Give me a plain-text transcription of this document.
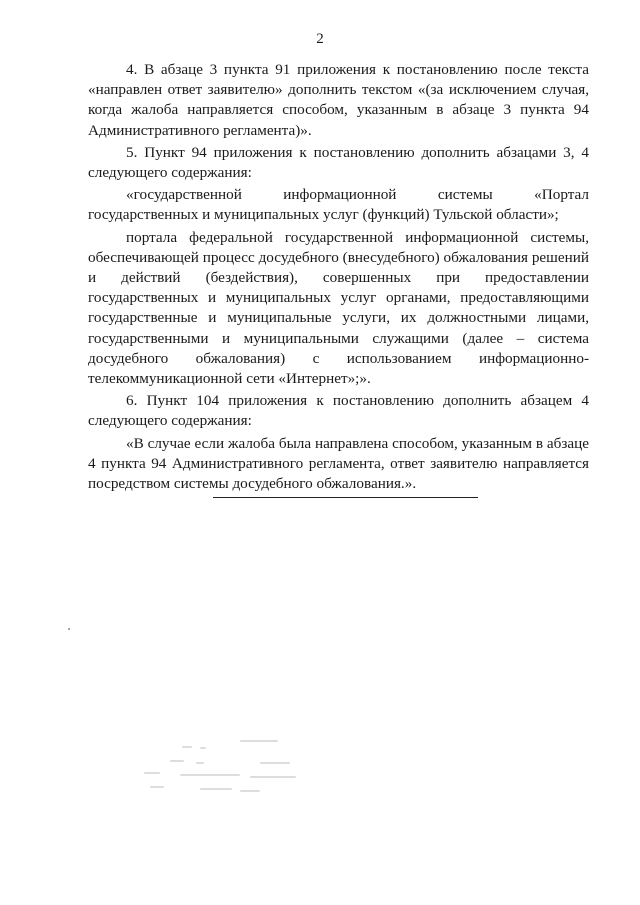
2

4. В абзаце 3 пункта 91 приложения к постановлению после текста «направлен ответ заявителю» дополнить текстом «(за исключением случая, когда жалоба направляется способом, указанным в абзаце 3 пункта 94 Административного регламента)».

5. Пункт 94 приложения к постановлению дополнить абзацами 3, 4 следующего содержания:

«государственной информационной системы «Портал государственных и муниципальных услуг (функций) Тульской области»;

портала федеральной государственной информационной системы, обеспечивающей процесс досудебного (внесудебного) обжалования решений и действий (бездействия), совершенных при предоставлении государственных и муниципальных услуг органами, предоставляющими государственные и муниципальные услуги, их должностными лицами, государственными и муниципальными служащими (далее – система досудебного обжалования) с использованием информационно-телекоммуникационной сети «Интернет»;».

6. Пункт 104 приложения к постановлению дополнить абзацем 4 следующего содержания:

«В случае если жалоба была направлена способом, указанным в абзаце 4 пункта 94 Административного регламента, ответ заявителю направляется посредством системы досудебного обжалования.».
